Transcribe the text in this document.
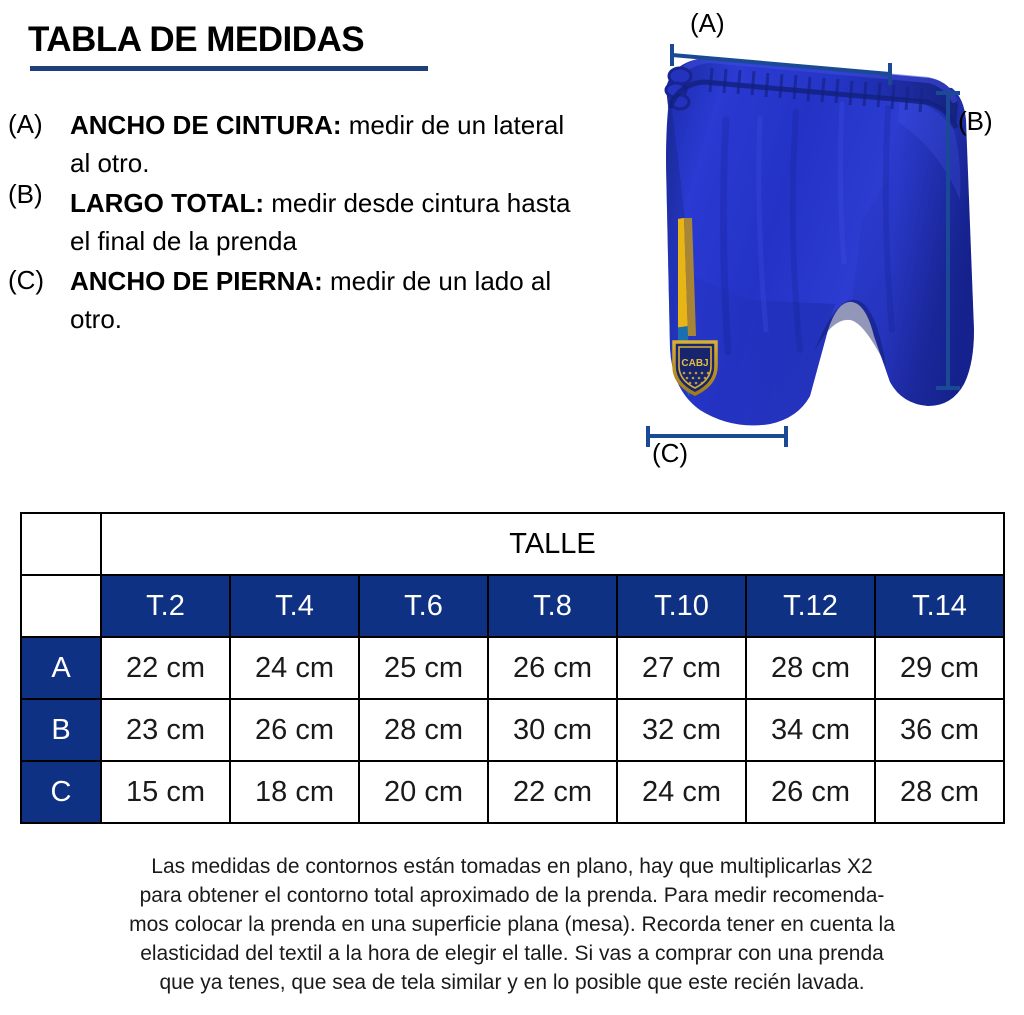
TABLA DE MEDIDAS
(A)	ANCHO DE CINTURA: medir de un lateral al otro.
(B)	LARGO TOTAL: medir desde cintura hasta el final de la prenda
(C) ANCHO DE PIERNA: medir de un lado al otro.
CABJ
(A)
(B)
(C)
	TALLE						
	T.2	T.4	T.6	T.8	T.10	T.12	T.14
A	22 cm	24 cm	25 cm	26 cm	27 cm	28 cm	29 cm
B	23 cm	26 cm	28 cm	30 cm	32 cm	34 cm	36 cm
C	15 cm	18 cm	20 cm	22 cm	24 cm	26 cm	28 cm

Las medidas de contornos están tomadas en plano, hay que multiplicarlas X2

para obtener el contorno total aproximado de la prenda. Para medir recomenda-

mos colocar la prenda en una superficie plana (mesa). Recorda tener en cuenta la

elasticidad del textil a la hora de elegir el talle. Si vas a comprar con una prenda

que ya tenes, que sea de tela similar y en lo posible que este recién lavada.
